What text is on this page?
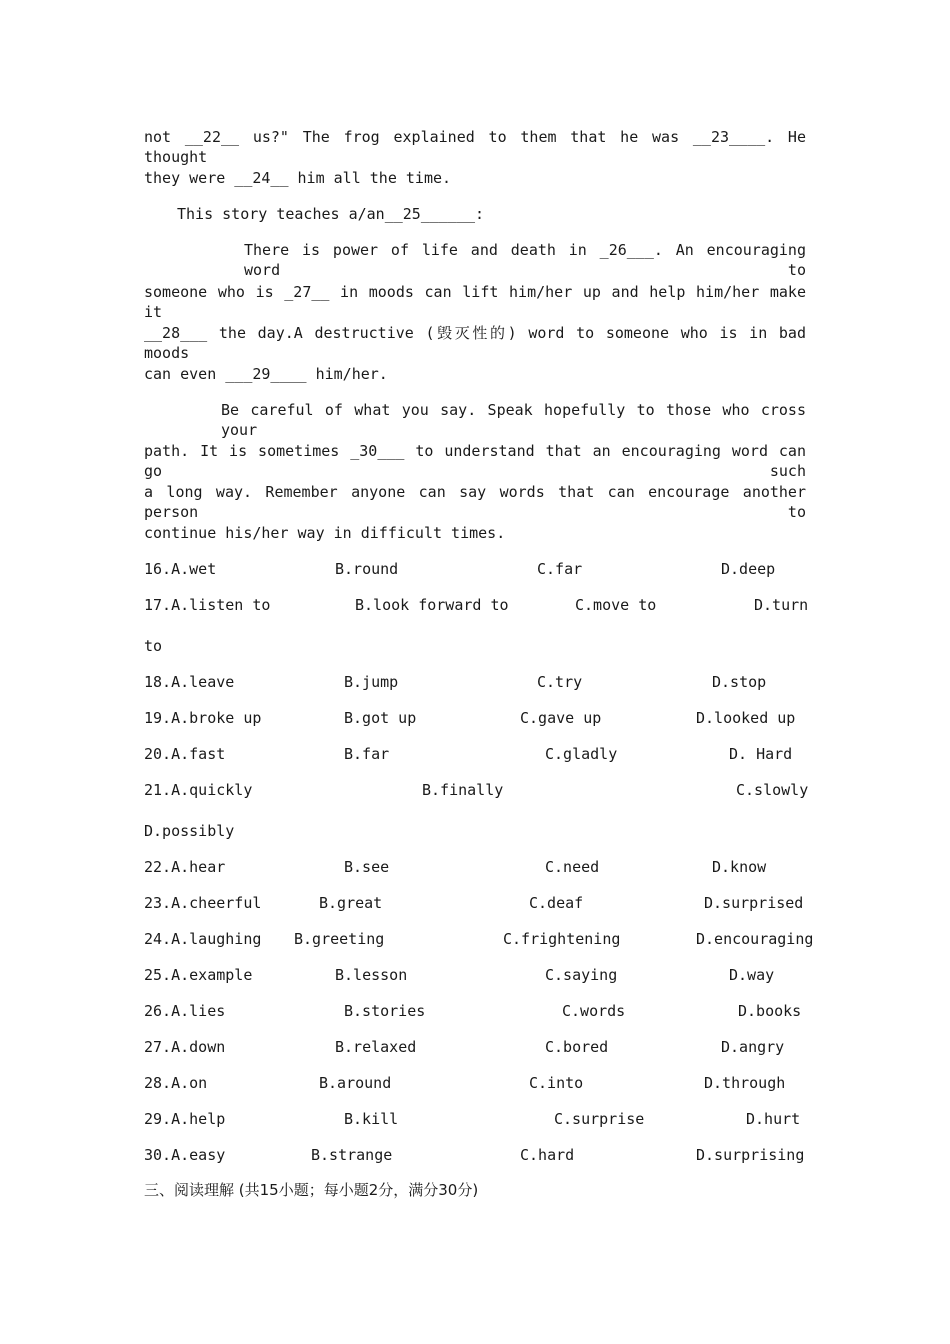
not __22__ us?" The frog explained to them that he was __23____. He thought
they were __24__ him all the time.
This story teaches a/an__25______:
There is power of life and death in _26___. An encouraging word to
someone who is _27__ in moods can lift him/her up and help him/her make it
__28___ the day.A destructive (毁灭性的) word to someone who is in bad moods
can even ___29____ him/her.
Be careful of what you say. Speak hopefully to those who cross your
path. It is sometimes _30___ to understand that an encouraging word can go such
a long way. Remember anyone can say words that can encourage another person to
continue his/her way in difficult times.
16.A.wet	B.round	C.far	D.deep
17.A.listen to	B.look forward to	C.move to	D.turn
to
18.A.leave	B.jump	C.try	D.stop
19.A.broke up	B.got up	C.gave up	D.looked up
20.A.fast	B.far	C.gladly	D. Hard
21.A.quickly	B.finally	C.slowly
D.possibly
22.A.hear	B.see	C.need	D.know
23.A.cheerful	B.great	C.deaf	D.surprised
24.A.laughing B.greeting	C.frightening	D.encouraging
25.A.example	B.lesson	C.saying	D.way
26.A.lies	B.stories	C.words	D.books
27.A.down	B.relaxed	C.bored	D.angry
28.A.on	B.around	C.into	D.through
29.A.help	B.kill	C.surprise	D.hurt
30.A.easy	B.strange	C.hard	D.surprising
三、阅读理解 (共15小题；每小题2分，满分30分)
